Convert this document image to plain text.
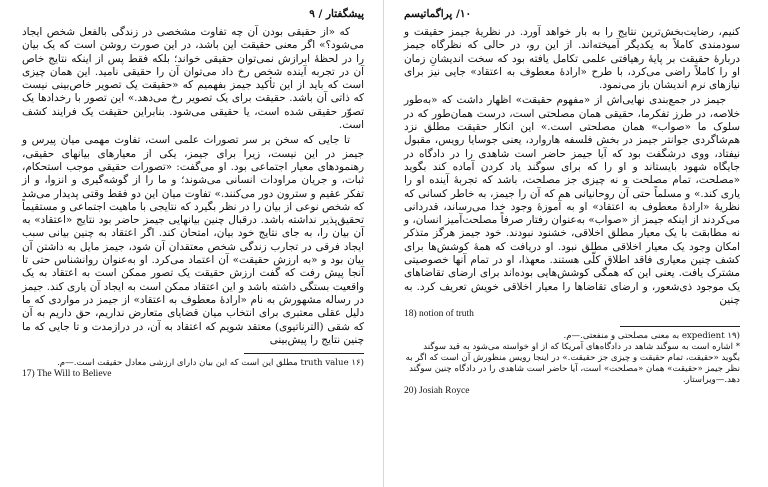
پیشگفتار / ۹

که «از حقیقی بودن آن چه تفاوت مشخصی در زندگی بالفعل شخص ایجاد می‌شود؟» اگر معنی حقیقت این باشد، در این صورت روشن است که یک بیان را در لحظهٔ ابرازش نمی‌توان حقیقی خواند؛ بلکه فقط پس از اینکه نتایج خاص آن در تجربه آینده شخص رخ داد می‌توان آن را حقیقی نامید. این همان چیزی است که باید از این تأکید جیمز بفهمیم که «حقیقت یک تصویر خاص‌بینی نیست که ذاتی آن باشد. حقیقت برای یک تصویر رخ می‌دهد.» این تصور با رخدادها یک تصوّر حقیقی شده است، یا حقیقی می‌شود. بنابراین حقیقت یک فرایند کشف است.

تا جایی که سخن بر سر تصورات علمی است، تفاوت مهمی میان پیرس و جیمز در این نیست، زیرا برای جیمز، یکی از معیارهای بیانهای حقیقی، رهنمودهای معیار اجتماعی بود. او می‌گفت: «تصورات حقیقی موجب استحکام، ثبات، و جریان مراودات انسانی می‌شوند؛ و ما را از گوشه‌گیری و انزوا، و از تفکر عقیم و سترون دور می‌کنند.» تفاوت میان این دو فقط وقتی پدیدار می‌شد که شخص نوعی از بیان را در نظر بگیرد که نتایجی با ماهیت اجتماعی و مستقیماً تحقیق‌پذیر نداشته باشد. درقبال چنین بیانهایی جیمز حاضر بود نتایج «اعتقاد» به آن بیان را، به جای نتایج خود بیان، امتحان کند. اگر اعتقاد به چنین بیانی سبب ایجاد فرقی در تجارب زندگی شخص معتقدان آن شود، جیمز مایل به داشتن آن بیان بود و «به ارزش حقیقت» آن اعتماد می‌کرد. او به‌عنوان روانشناس حتی تا آنجا پیش رفت که گفت ارزش حقیقت یک تصور ممکن است به اعتقاد به یک واقعیت بستگی داشته باشد و این اعتقاد ممکن است به ایجاد آن یاری کند. جیمز در رساله مشهورش به نام «ارادهٔ معطوف به اعتقاد» از جیمز در مواردی که ما دلیل عقلی معتبری برای انتخاب میان قضایای متعارض نداریم، حق داریم به آن که شقی (الترناتیوی) معتقد شویم که اعتقاد به آن، در درازمدت و تا جایی که ما چنین نتایج را پیش‌بینی

(۱۶ truth value مطلق این است که این بیان دارای ارزشی معادل حقیقت است.—م.

17) The Will to Believe

۱۰/ پراگماتیسم

کنیم، رضایت‌بخش‌ترین نتایج را به بار خواهد آورد. در نظریهٔ جیمز حقیقت و سودمندی کاملاً به یکدیگر آمیخته‌اند. از این رو، در حالی که نظرگاه جیمز دربارهٔ حقیقت بر پایهٔ رهیافتی علمی تکامل یافته بود که سخت اندیشانِ زمان او را کاملاً راضی می‌کرد، با طرح «ارادهٔ معطوف به اعتقاد» جایی نیز برای نیازهای نرم اندیشان باز می‌نمود.

جیمز در جمع‌بندی نهایی‌اش از «مفهوم حقیقت» اظهار داشت که «به‌طور خلاصه، در طرز تفکرما، حقیقی همان مصلحتی است، درست همان‌طور که در سلوک ما «صواب» همان مصلحتی است.» این انکار حقیقت مطلق نزد هم‌شاگردی جوانتر جیمز در بخش فلسفه هاروارد، یعنی جوسایا رویس، مقبول نیفتاد، ووی درشگفت بود که آیا جیمز حاضر است شاهدی را در دادگاه در جایگاه شهود بایستاند و او را که برای سوگند یاد کردن آماده کند بگوید «مصلحت، تمام مصلحت و نه چیزی جز مصلحت، باشد که تجربهٔ آینده او را یاری کند.» و مسلماً حتی آن روحانیانی هم که آن را جیمز، به خاطر کسانی که نظریهٔ «ارادهٔ معطوف به اعتقاد» او به آموزهٔ وجود خدا می‌رساند، قدردانی می‌کردند از اینکه جیمز از «صواب» به‌عنوان رفتار صرفاً مصلحت‌آمیز انسان، و نه مطابقت با یک معیار مطلق اخلاقی، خشنود نبودند. خود جیمز هرگز متذکر امکان وجود یک معیار اخلاقی مطلق نبود. او دریافت که همهٔ کوشش‌ها برای کشف چنین معیاری فاقد اطلاق کلّی هستند. معهذا، او در تمام آنها خصوصیتی مشترک یافت. یعنی این که همگی کوشش‌هایی بوده‌اند برای ارضای تقاضاهای یک موجود ذی‌شعور، و ارضای تقاضاها را معیار اخلاقی خویش تعریف کرد. به چنین

18) notion of truth

(۱۹ expedient به معنی مصلحتی و منفعتی.—م.

* اشاره است به سوگند شاهد در دادگاه‌های آمریکا که از او خواسته می‌شود به قید سوگند بگوید «حقیقت، تمام حقیقت و چیزی جز حقیقت.» در اینجا رویس منظورش آن است که اگر به نظر جیمز «حقیقت» همان «مصلحت» است، آیا حاضر است شاهدی را در دادگاه چنین سوگند دهد.—ویراستار.

20) Josiah Royce
